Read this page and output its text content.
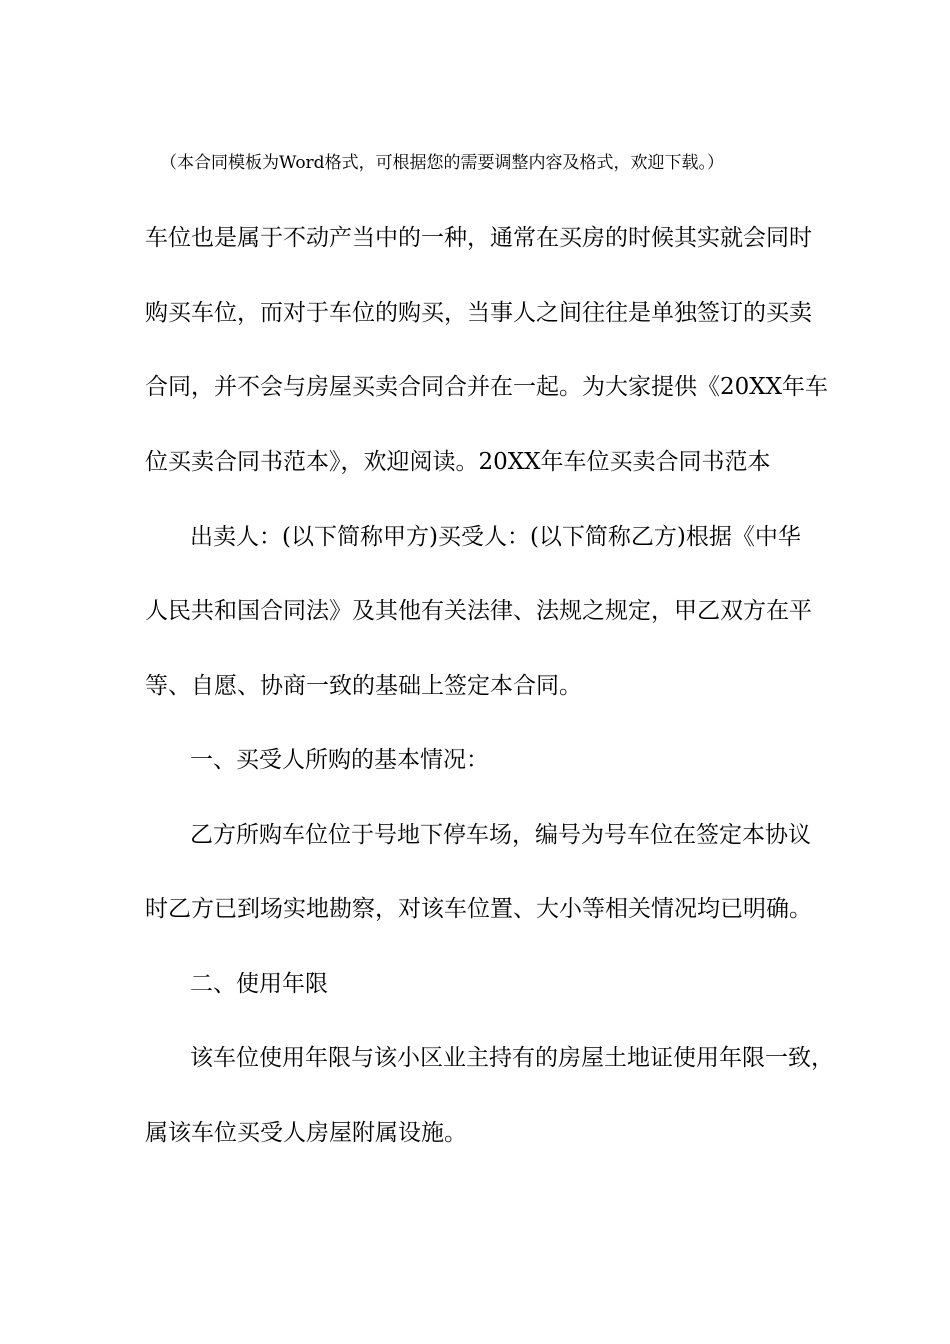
（本合同模板为Word格式，可根据您的需要调整内容及格式，欢迎下载。）
车位也是属于不动产当中的一种，通常在买房的时候其实就会同时
购买车位，而对于车位的购买，当事人之间往往是单独签订的买卖
合同，并不会与房屋买卖合同合并在一起。为大家提供《20XX年车
位买卖合同书范本》，欢迎阅读。20XX年车位买卖合同书范本
出卖人：(以下简称甲方)买受人：(以下简称乙方)根据《中华
人民共和国合同法》及其他有关法律、法规之规定，甲乙双方在平
等、自愿、协商一致的基础上签定本合同。
一、买受人所购的基本情况：
乙方所购车位位于号地下停车场，编号为号车位在签定本协议
时乙方已到场实地勘察，对该车位置、大小等相关情况均已明确。
二、使用年限
该车位使用年限与该小区业主持有的房屋土地证使用年限一致，
属该车位买受人房屋附属设施。
